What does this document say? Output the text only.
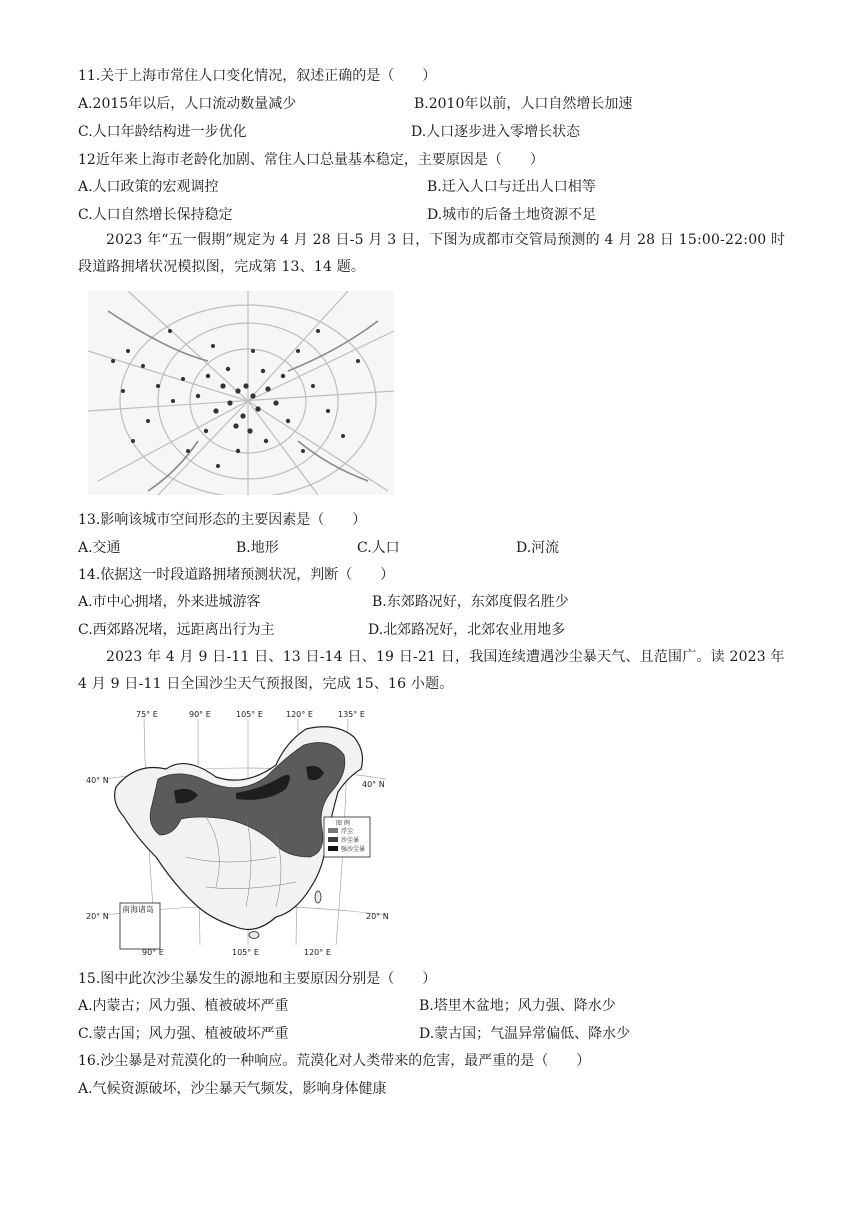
11.关于上海市常住人口变化情况，叙述正确的是（　　）
A.2015年以后，人口流动数量减少	B.2010年以前，人口自然增长加速
C.人口年龄结构进一步优化	D.人口逐步进入零增长状态
12近年来上海市老龄化加剧、常住人口总量基本稳定，主要原因是（　　）
A.人口政策的宏观调控	B.迁入人口与迁出人口相等
C.人口自然增长保持稳定	D.城市的后备土地资源不足
2023 年“五一假期”规定为 4 月 28 日-5 月 3 日，下图为成都市交管局预测的 4 月 28 日 15:00-22:00 时段道路拥堵状况模拟图，完成第 13、14 题。
13.影响该城市空间形态的主要因素是（　　）
A.交通	B.地形	C.人口	D.河流
14.依据这一时段道路拥堵预测状况，判断（　　）
A.市中心拥堵，外来进城游客	B.东郊路况好，东郊度假名胜少
C.西郊路况堵，远距离出行为主	D.北郊路况好，北郊农业用地多
2023 年 4 月 9 日-11 日、13 日-14 日、19 日-21 日，我国连续遭遇沙尘暴天气、且范围广。读 2023 年 4 月 9 日-11 日全国沙尘天气预报图，完成 15、16 小题。
75° E	90° E	105° E	120° E	135° E
40° N	40° N
20° N	20° N
南海诸岛
90° E	105° E	120° E
图 例
浮尘
沙尘暴
强沙尘暴
15.图中此次沙尘暴发生的源地和主要原因分别是（　　）
A.内蒙古；风力强、植被破坏严重	B.塔里木盆地；风力强、降水少
C.蒙古国；风力强、植被破坏严重	D.蒙古国；气温异常偏低、降水少
16.沙尘暴是对荒漠化的一种响应。荒漠化对人类带来的危害，最严重的是（　　）
A.气候资源破坏，沙尘暴天气频发，影响身体健康
